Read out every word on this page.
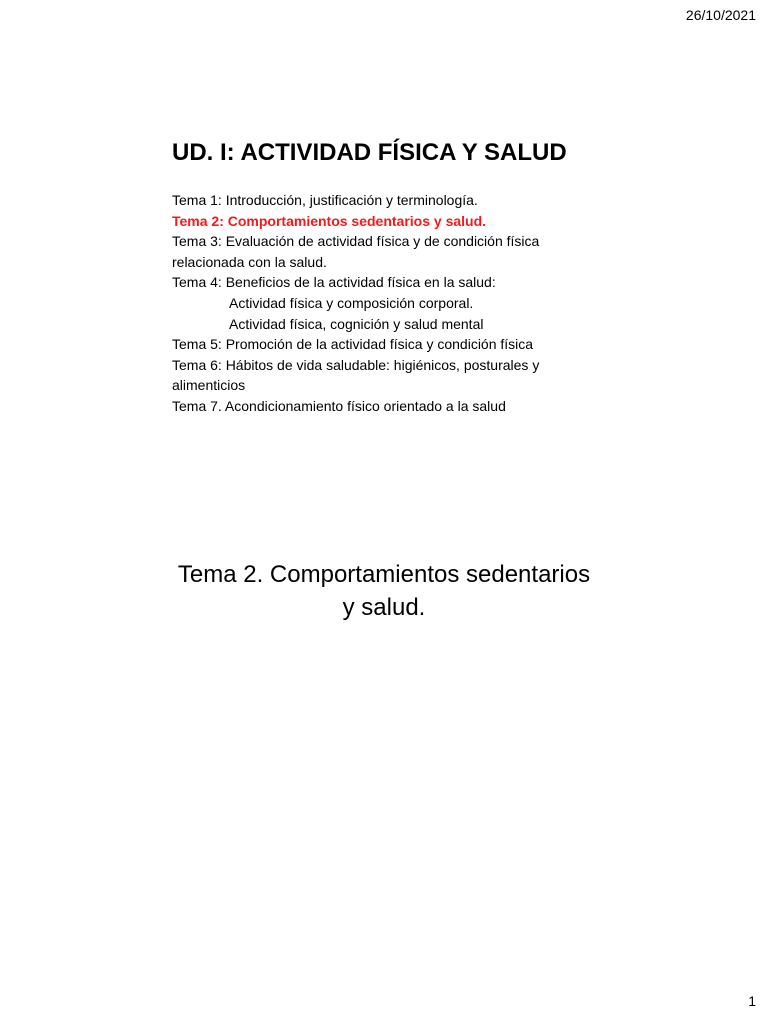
26/10/2021
UD. I: ACTIVIDAD FÍSICA Y SALUD
Tema 1: Introducción, justificación y terminología.
Tema 2: Comportamientos sedentarios y salud.
Tema 3: Evaluación de actividad física y de condición física
relacionada con la salud.
Tema 4: Beneficios de la actividad física en la salud:
Actividad física y composición corporal.
Actividad física, cognición y salud mental
Tema 5: Promoción de la actividad física y condición física
Tema 6: Hábitos de vida saludable: higiénicos, posturales y
alimenticios
Tema 7. Acondicionamiento físico orientado a la salud
Tema 2. Comportamientos sedentarios
y salud.
1
